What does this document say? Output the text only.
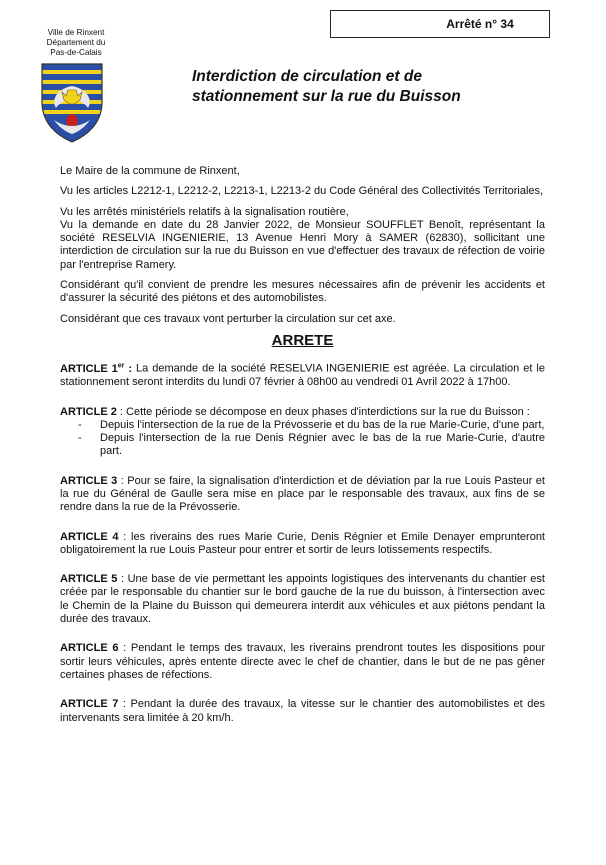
Arrêté n° 34
Ville de Rinxent
Département du
Pas-de-Calais
Interdiction de circulation et de
stationnement sur la rue du Buisson

Le Maire de la commune de Rinxent,

Vu les articles L2212-1, L2212-2, L2213-1, L2213-2 du Code Général des Collectivités Territoriales,

Vu les arrêtés ministériels relatifs à la signalisation routière,

Vu la demande en date du 28 Janvier 2022, de Monsieur SOUFFLET Benoît, représentant la société RESELVIA INGENIERIE, 13 Avenue Henri Mory à SAMER (62830), sollicitant une interdiction de circulation sur la rue du Buisson en vue d'effectuer des travaux de réfection de voirie par l'entreprise Ramery.

Considérant qu'il convient de prendre les mesures nécessaires afin de prévenir les accidents et d'assurer la sécurité des piétons et des automobilistes.

Considérant que ces travaux vont perturber la circulation sur cet axe.

ARRETE

ARTICLE 1er : La demande de la société RESELVIA INGENIERIE est agréée. La circulation et le stationnement seront interdits du lundi 07 février à 08h00 au vendredi 01 Avril 2022 à 17h00.

ARTICLE 2 : Cette période se décompose en deux phases d'interdictions sur la rue du Buisson :
- Depuis l'intersection de la rue de la Prévosserie et du bas de la rue Marie-Curie, d'une part,
- Depuis l'intersection de la rue Denis Régnier avec le bas de la rue Marie-Curie, d'autre part.

ARTICLE 3 : Pour se faire, la signalisation d'interdiction et de déviation par la rue Louis Pasteur et la rue du Général de Gaulle sera mise en place par le responsable des travaux, aux fins de se rendre dans la rue de la Prévosserie.

ARTICLE 4 : les riverains des rues Marie Curie, Denis Régnier et Emile Denayer emprunteront obligatoirement la rue Louis Pasteur pour entrer et sortir de leurs lotissements respectifs.

ARTICLE 5 : Une base de vie permettant les appoints logistiques des intervenants du chantier est créée par le responsable du chantier sur le bord gauche de la rue du buisson, à l'intersection avec le Chemin de la Plaine du Buisson qui demeurera interdit aux véhicules et aux piétons pendant la durée des travaux.

ARTICLE 6 : Pendant le temps des travaux, les riverains prendront toutes les dispositions pour sortir leurs véhicules, après entente directe avec le chef de chantier, dans le but de ne pas gêner certaines phases de réfections.

ARTICLE 7 : Pendant la durée des travaux, la vitesse sur le chantier des automobilistes et des intervenants sera limitée à 20 km/h.
